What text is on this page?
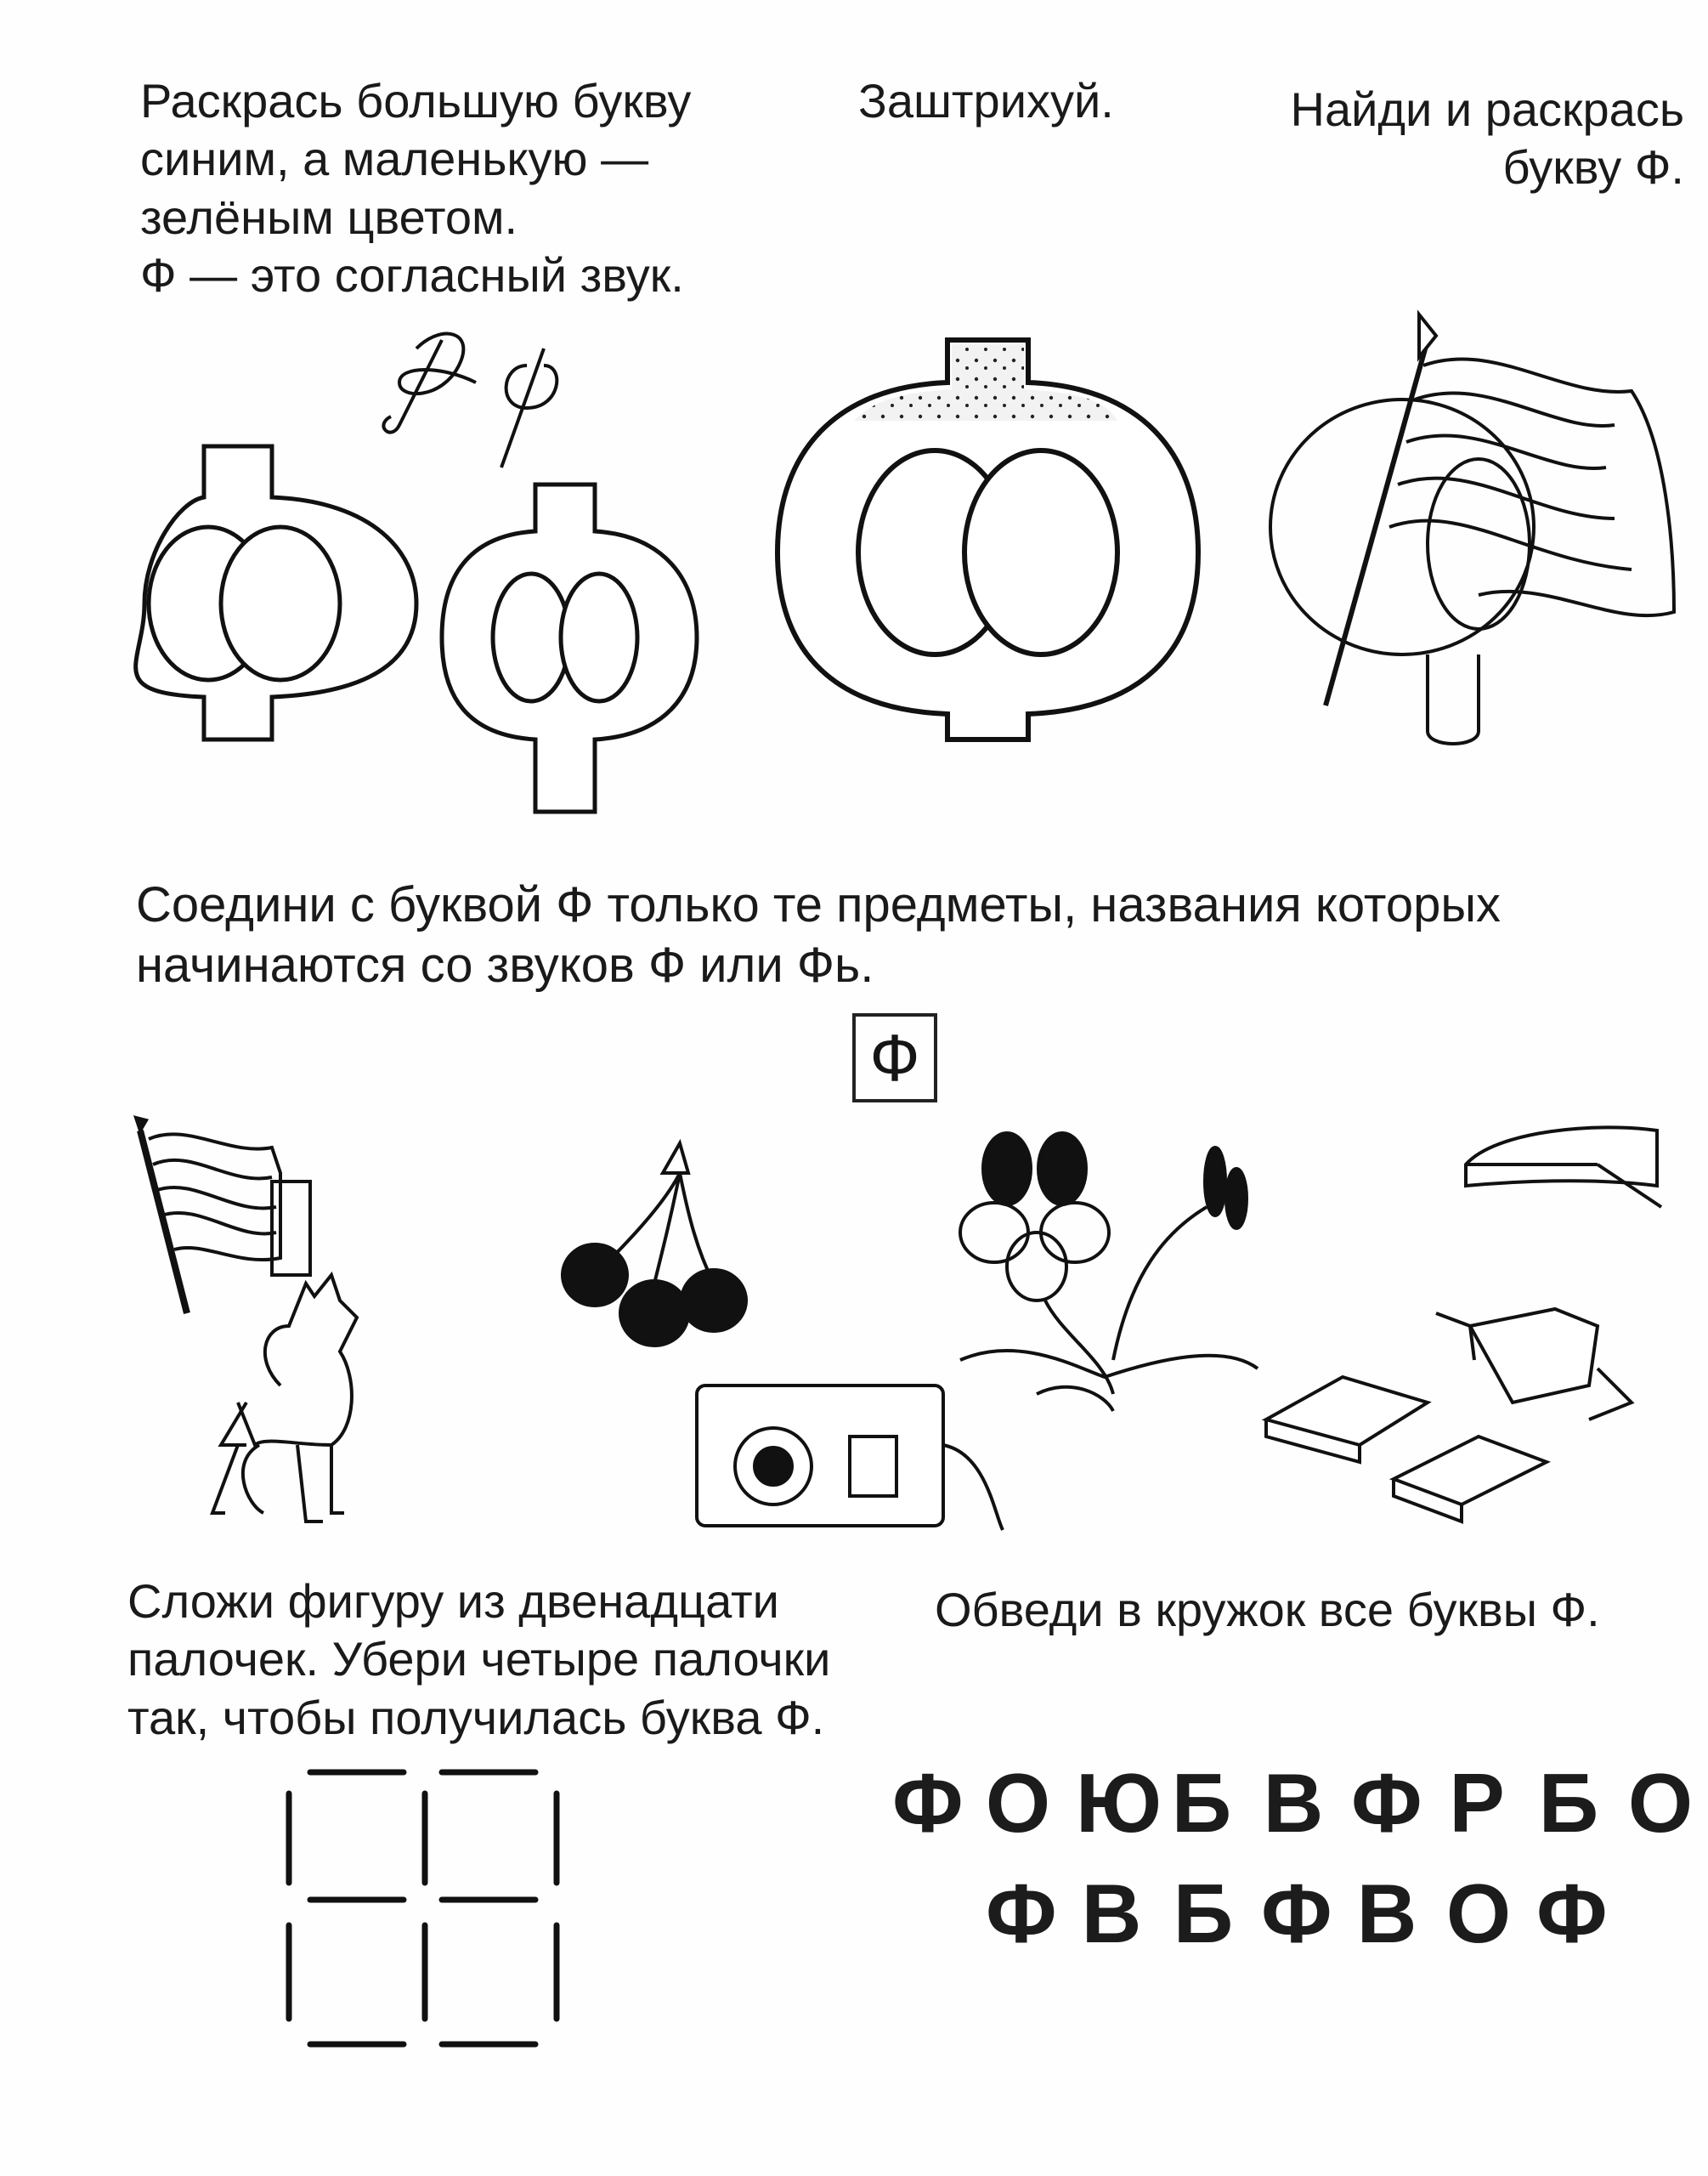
Раскрась большую букву
синим, а маленькую —
зелёным цветом.
Ф — это согласный звук.
Заштрихуй.	Найди и раскрась
букву Ф.
Соедини с буквой Ф только те предметы, названия которых
начинаются со звуков Ф или Фь.
Ф
Сложи фигуру из двенадцати
палочек. Убери четыре палочки
так, чтобы получилась буква Ф.
Обведи в кружок все буквы Ф.
Ф О Ю Б В Ф Р Б О
Ф В Б Ф В О Ф
